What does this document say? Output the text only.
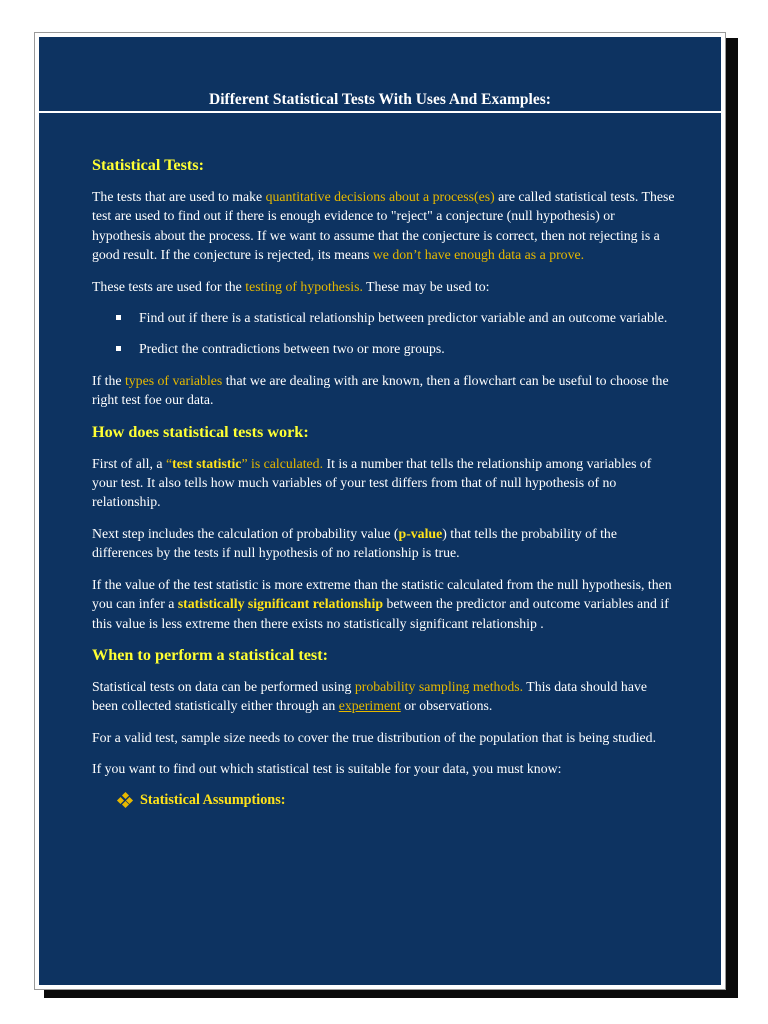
Different Statistical Tests With Uses And Examples:
Statistical Tests:

The tests that are used to make quantitative decisions about a process(es) are called statistical tests. These test are used to find out if there is enough evidence to "reject" a conjecture (null hypothesis) or hypothesis about the process. If we want to assume that the conjecture is correct, then not rejecting is a good result. If the conjecture is rejected, its means we don’t have enough data as a prove.

These tests are used for the testing of hypothesis. These may be used to:

Find out if there is a statistical relationship between predictor variable and an outcome variable.
Predict the contradictions between two or more groups.

If the types of variables that we are dealing with are known, then a flowchart can be useful to choose the right test foe our data.

How does statistical tests work:

First of all, a “test statistic” is calculated. It is a number that tells the relationship among variables of your test. It also tells how much variables of your test differs from that of null hypothesis of no relationship.

Next step includes the calculation of probability value (p-value) that tells the probability of the differences by the tests if null hypothesis of no relationship is true.

If the value of the test statistic is more extreme than the statistic calculated from the null hypothesis, then you can infer a statistically significant relationship between the predictor and outcome variables and if this value is less extreme then there exists no statistically significant relationship .

When to perform a statistical test:

Statistical tests on data can be performed using probability sampling methods. This data should have been collected statistically either through an experiment or observations.

For a valid test, sample size needs to cover the true distribution of the population that is being studied.

If you want to find out which statistical test is suitable for your data, you must know:

Statistical Assumptions:
